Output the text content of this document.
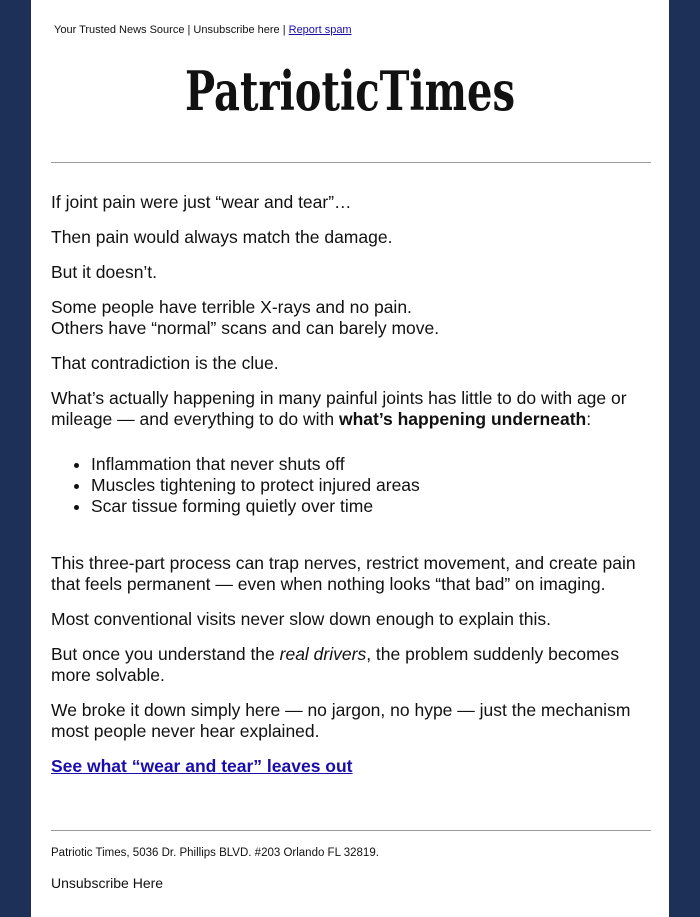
Your Trusted News Source | Unsubscribe here | Report spam
PatrioticTimes

If joint pain were just “wear and tear”…

Then pain would always match the damage.

But it doesn’t.

Some people have terrible X-rays and no pain.
Others have “normal” scans and can barely move.

That contradiction is the clue.

What’s actually happening in many painful joints has little to do with age or mileage — and everything to do with what’s happening underneath:

• Inflammation that never shuts off
• Muscles tightening to protect injured areas
• Scar tissue forming quietly over time

This three-part process can trap nerves, restrict movement, and create pain that feels permanent — even when nothing looks “that bad” on imaging.

Most conventional visits never slow down enough to explain this.

But once you understand the real drivers, the problem suddenly becomes more solvable.

We broke it down simply here — no jargon, no hype — just the mechanism most people never hear explained.

See what “wear and tear” leaves out

Patriotic Times, 5036 Dr. Phillips BLVD. #203 Orlando FL 32819.
Unsubscribe Here
